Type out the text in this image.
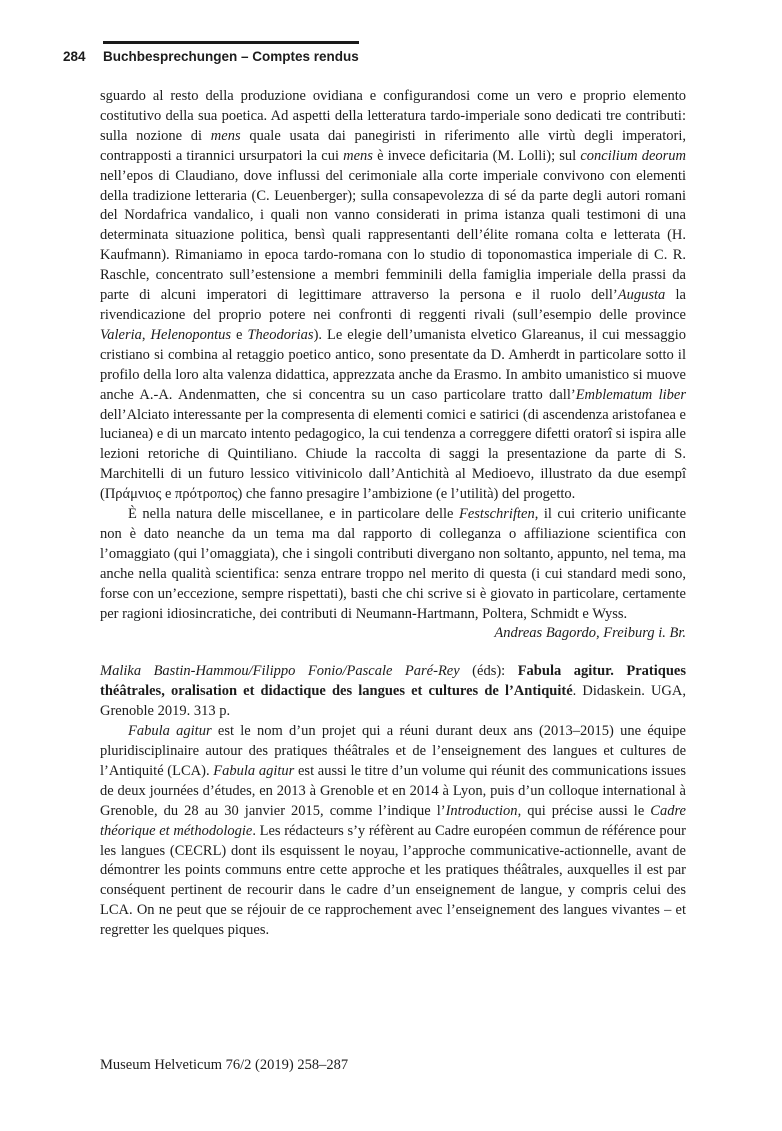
284	Buchbesprechungen – Comptes rendus

sguardo al resto della produzione ovidiana e configurandosi come un vero e proprio elemento costitutivo della sua poetica. Ad aspetti della letteratura tardo-imperiale sono dedicati tre contributi: sulla nozione di mens quale usata dai panegiristi in riferimento alle virtù degli imperatori, contrapposti a tirannici ursurpatori la cui mens è invece deficitaria (M. Lolli); sul concilium deorum nell’epos di Claudiano, dove influssi del cerimoniale alla corte imperiale convivono con elementi della tradizione letteraria (C. Leuenberger); sulla consapevolezza di sé da parte degli autori romani del Nordafrica vandalico, i quali non vanno considerati in prima istanza quali testimoni di una determinata situazione politica, bensì quali rappresentanti dell’élite romana colta e letterata (H. Kaufmann). Rimaniamo in epoca tardo-romana con lo studio di toponomastica imperiale di C. R. Raschle, concentrato sull’estensione a membri femminili della famiglia imperiale della prassi da parte di alcuni imperatori di legittimare attraverso la persona e il ruolo dell’Augusta la rivendicazione del proprio potere nei confronti di reggenti rivali (sull’esempio delle province Valeria, Helenopontus e Theodorias). Le elegie dell’umanista elvetico Glareanus, il cui messaggio cristiano si combina al retaggio poetico antico, sono presentate da D. Amherdt in particolare sotto il profilo della loro alta valenza didattica, apprezzata anche da Erasmo. In ambito umanistico si muove anche A.-A. Andenmatten, che si concentra su un caso particolare tratto dall’Emblematum liber dell’Alciato interessante per la compresenta di elementi comici e satirici (di ascendenza aristofanea e lucianea) e di un marcato intento pedagogico, la cui tendenza a correggere difetti oratorî si ispira alle lezioni retoriche di Quintiliano. Chiude la raccolta di saggi la presentazione da parte di S. Marchitelli di un futuro lessico vitivinicolo dall’Antichità al Medioevo, illustrato da due esempî (Πράμνιος e πρότροπος) che fanno presagire l’ambizione (e l’utilità) del progetto.

È nella natura delle miscellanee, e in particolare delle Festschriften, il cui criterio unificante non è dato neanche da un tema ma dal rapporto di colleganza o affiliazione scientifica con l’omaggiato (qui l’omaggiata), che i singoli contributi divergano non soltanto, appunto, nel tema, ma anche nella qualità scientifica: senza entrare troppo nel merito di questa (i cui standard medi sono, forse con un’eccezione, sempre rispettati), basti che chi scrive si è giovato in particolare, certamente per ragioni idiosincratiche, dei contributi di Neumann-Hartmann, Poltera, Schmidt e Wyss.

Andreas Bagordo, Freiburg i. Br.

Malika Bastin-Hammou/Filippo Fonio/Pascale Paré-Rey (éds): Fabula agitur. Pratiques théâtrales, oralisation et didactique des langues et cultures de l’Antiquité. Didaskein. UGA, Grenoble 2019. 313 p.

Fabula agitur est le nom d’un projet qui a réuni durant deux ans (2013–2015) une équipe pluridisciplinaire autour des pratiques théâtrales et de l’enseignement des langues et cultures de l’Antiquité (LCA). Fabula agitur est aussi le titre d’un volume qui réunit des communications issues de deux journées d’études, en 2013 à Grenoble et en 2014 à Lyon, puis d’un colloque international à Grenoble, du 28 au 30 janvier 2015, comme l’indique l’Introduction, qui précise aussi le Cadre théorique et méthodologie. Les rédacteurs s’y réfèrent au Cadre européen commun de référence pour les langues (CECRL) dont ils esquissent le noyau, l’approche communicative-actionnelle, avant de démontrer les points communs entre cette approche et les pratiques théâtrales, auxquelles il est par conséquent pertinent de recourir dans le cadre d’un enseignement de langue, y compris celui des LCA. On ne peut que se réjouir de ce rapprochement avec l’enseignement des langues vivantes – et regretter les quelques piques.

Museum Helveticum 76/2 (2019) 258–287
